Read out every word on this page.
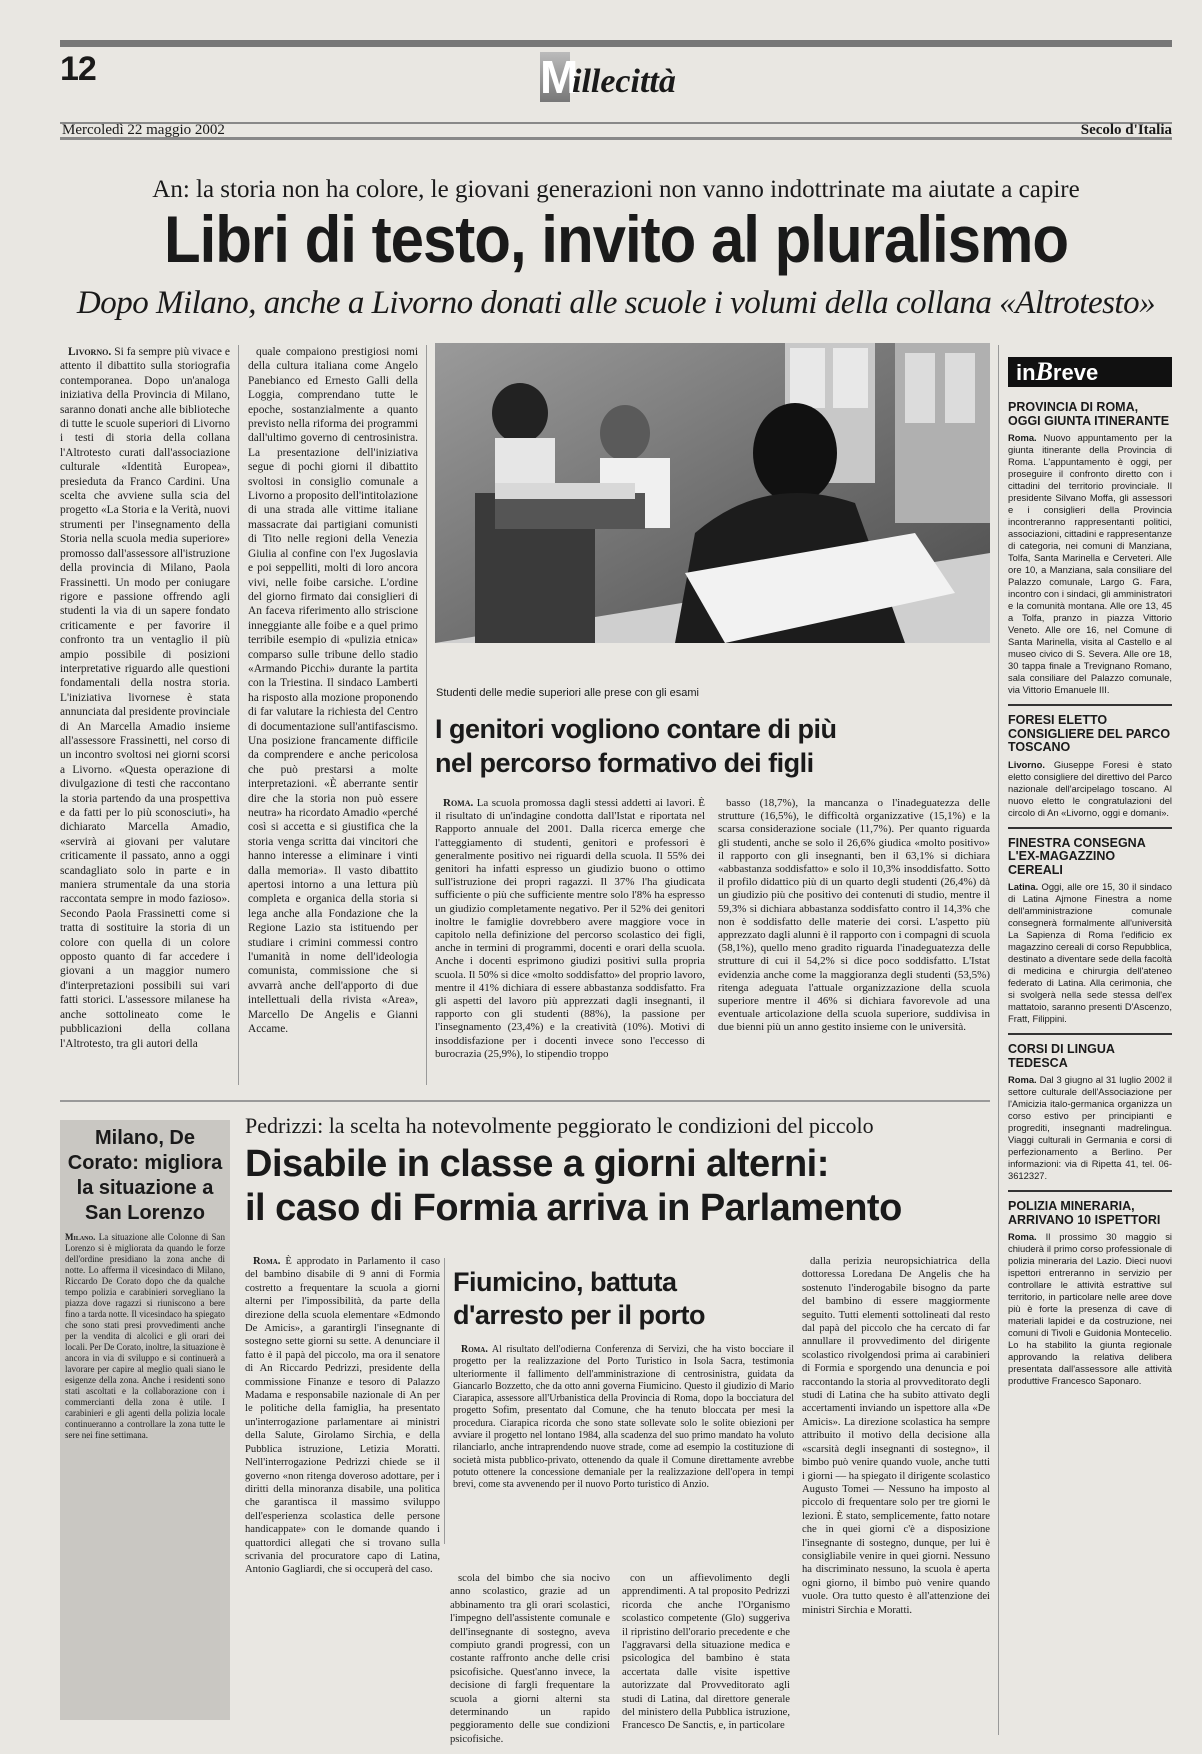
12	M
illecittà
Mercoledì 22 maggio 2002	Secolo d'Italia
An: la storia non ha colore, le giovani generazioni non vanno indottrinate ma aiutate a capire
Libri di testo, invito al pluralismo
Dopo Milano, anche a Livorno donati alle scuole i volumi della collana «Altrotesto»

Livorno. Si fa sempre più vivace e attento il dibattito sulla storiografia contemporanea. Dopo un'analoga iniziativa della Provincia di Milano, saranno donati anche alle biblioteche di tutte le scuole superiori di Livorno i testi di storia della collana l'Altrotesto curati dall'associazione culturale «Identità Europea», presieduta da Franco Cardini. Una scelta che avviene sulla scia del progetto «La Storia e la Verità, nuovi strumenti per l'insegnamento della Storia nella scuola media superiore» promosso dall'assessore all'istruzione della provincia di Milano, Paola Frassinetti. Un modo per coniugare rigore e passione offrendo agli studenti la via di un sapere fondato criticamente e per favorire il confronto tra un ventaglio il più ampio possibile di posizioni interpretative riguardo alle questioni fondamentali della nostra storia. L'iniziativa livornese è stata annunciata dal presidente provinciale di An Marcella Amadio insieme all'assessore Frassinetti, nel corso di un incontro svoltosi nei giorni scorsi a Livorno. «Questa operazione di divulgazione di testi che raccontano la storia partendo da una prospettiva e da fatti per lo più sconosciuti», ha dichiarato Marcella Amadio, «servirà ai giovani per valutare criticamente il passato, anno a oggi scandagliato solo in parte e in maniera strumentale da una storia raccontata sempre in modo fazioso». Secondo Paola Frassinetti come si tratta di sostituire la storia di un colore con quella di un colore opposto quanto di far accedere i giovani a un maggior numero d'interpretazioni possibili sui vari fatti storici. L'assessore milanese ha anche sottolineato come le pubblicazioni della collana l'Altrotesto, tra gli autori della

quale compaiono prestigiosi nomi della cultura italiana come Angelo Panebianco ed Ernesto Galli della Loggia, comprendano tutte le epoche, sostanzialmente a quanto previsto nella riforma dei programmi dall'ultimo governo di centrosinistra. La presentazione dell'iniziativa segue di pochi giorni il dibattito svoltosi in consiglio comunale a Livorno a proposito dell'intitolazione di una strada alle vittime italiane massacrate dai partigiani comunisti di Tito nelle regioni della Venezia Giulia al confine con l'ex Jugoslavia e poi seppelliti, molti di loro ancora vivi, nelle foibe carsiche. L'ordine del giorno firmato dai consiglieri di An faceva riferimento allo striscione inneggiante alle foibe e a quel primo terribile esempio di «pulizia etnica» comparso sulle tribune dello stadio «Armando Picchi» durante la partita con la Triestina. Il sindaco Lamberti ha risposto alla mozione proponendo di far valutare la richiesta del Centro di documentazione sull'antifascismo. Una posizione francamente difficile da comprendere e anche pericolosa che può prestarsi a molte interpretazioni. «È aberrante sentir dire che la storia non può essere neutra» ha ricordato Amadio «perché così si accetta e si giustifica che la storia venga scritta dai vincitori che hanno interesse a eliminare i vinti dalla memoria». Il vasto dibattito apertosi intorno a una lettura più completa e organica della storia si lega anche alla Fondazione che la Regione Lazio sta istituendo per studiare i crimini commessi contro l'umanità in nome dell'ideologia comunista, commissione che si avvarrà anche dell'apporto di due intellettuali della rivista «Area», Marcello De Angelis e Gianni Accame.

Studenti delle medie superiori alle prese con gli esami
I genitori vogliono contare di più
nel percorso formativo dei figli

Roma. La scuola promossa dagli stessi addetti ai lavori. È il risultato di un'indagine condotta dall'Istat e riportata nel Rapporto annuale del 2001. Dalla ricerca emerge che l'atteggiamento di studenti, genitori e professori è generalmente positivo nei riguardi della scuola. Il 55% dei genitori ha infatti espresso un giudizio buono o ottimo sull'istruzione dei propri ragazzi. Il 37% l'ha giudicata sufficiente o più che sufficiente mentre solo l'8% ha espresso un giudizio completamente negativo. Per il 52% dei genitori inoltre le famiglie dovrebbero avere maggiore voce in capitolo nella definizione del percorso scolastico dei figli, anche in termini di programmi, docenti e orari della scuola. Anche i docenti esprimono giudizi positivi sulla propria scuola. Il 50% si dice «molto soddisfatto» del proprio lavoro, mentre il 41% dichiara di essere abbastanza soddisfatto. Fra gli aspetti del lavoro più apprezzati dagli insegnanti, il rapporto con gli studenti (88%), la passione per l'insegnamento (23,4%) e la creatività (10%). Motivi di insoddisfazione per i docenti invece sono l'eccesso di burocrazia (25,9%), lo stipendio troppo

basso (18,7%), la mancanza o l'inadeguatezza delle strutture (16,5%), le difficoltà organizzative (15,1%) e la scarsa considerazione sociale (11,7%). Per quanto riguarda gli studenti, anche se solo il 26,6% giudica «molto positivo» il rapporto con gli insegnanti, ben il 63,1% si dichiara «abbastanza soddisfatto» e solo il 10,3% insoddisfatto. Sotto il profilo didattico più di un quarto degli studenti (26,4%) dà un giudizio più che positivo dei contenuti di studio, mentre il 59,3% si dichiara abbastanza soddisfatto contro il 14,3% che non è soddisfatto delle materie dei corsi. L'aspetto più apprezzato dagli alunni è il rapporto con i compagni di scuola (58,1%), quello meno gradito riguarda l'inadeguatezza delle strutture di cui il 54,2% si dice poco soddisfatto. L'Istat evidenzia anche come la maggioranza degli studenti (53,5%) ritenga adeguata l'attuale organizzazione della scuola superiore mentre il 46% si dichiara favorevole ad una eventuale articolazione della scuola superiore, suddivisa in due bienni più un anno gestito insieme con le università.

inBreve
PROVINCIA DI ROMA, OGGI GIUNTA ITINERANTE
Roma. Nuovo appuntamento per la giunta itinerante della Provincia di Roma. L'appuntamento è oggi, per proseguire il confronto diretto con i cittadini del territorio provinciale. Il presidente Silvano Moffa, gli assessori e i consiglieri della Provincia incontreranno rappresentanti politici, associazioni, cittadini e rappresentanze di categoria, nei comuni di Manziana, Tolfa, Santa Marinella e Cerveteri. Alle ore 10, a Manziana, sala consiliare del Palazzo comunale, Largo G. Fara, incontro con i sindaci, gli amministratori e la comunità montana. Alle ore 13, 45 a Tolfa, pranzo in piazza Vittorio Veneto. Alle ore 16, nel Comune di Santa Marinella, visita al Castello e al museo civico di S. Severa. Alle ore 18, 30 tappa finale a Trevignano Romano, sala consiliare del Palazzo comunale, via Vittorio Emanuele III.
FORESI ELETTO CONSIGLIERE DEL PARCO TOSCANO
Livorno. Giuseppe Foresi è stato eletto consigliere del direttivo del Parco nazionale dell'arcipelago toscano. Al nuovo eletto le congratulazioni del circolo di An «Livorno, oggi e domani».
FINESTRA CONSEGNA L'EX-MAGAZZINO CEREALI
Latina. Oggi, alle ore 15, 30 il sindaco di Latina Ajmone Finestra a nome dell'amministrazione comunale consegnerà formalmente all'università La Sapienza di Roma l'edificio ex magazzino cereali di corso Repubblica, destinato a diventare sede della facoltà di medicina e chirurgia dell'ateneo federato di Latina. Alla cerimonia, che si svolgerà nella sede stessa dell'ex mattatoio, saranno presenti D'Ascenzo, Fratt, Filippini.
CORSI DI LINGUA TEDESCA
Roma. Dal 3 giugno al 31 luglio 2002 il settore culturale dell'Associazione per l'Amicizia italo-germanica organizza un corso estivo per principianti e progrediti, insegnanti madrelingua. Viaggi culturali in Germania e corsi di perfezionamento a Berlino. Per informazioni: via di Ripetta 41, tel. 06-3612327.
POLIZIA MINERARIA, ARRIVANO 10 ISPETTORI
Roma. Il prossimo 30 maggio si chiuderà il primo corso professionale di polizia mineraria del Lazio. Dieci nuovi ispettori entreranno in servizio per controllare le attività estrattive sul territorio, in particolare nelle aree dove più è forte la presenza di cave di materiali lapidei e da costruzione, nei comuni di Tivoli e Guidonia Montecelio. Lo ha stabilito la giunta regionale approvando la relativa delibera presentata dall'assessore alle attività produttive Francesco Saponaro.
Milano, De Corato: migliora la situazione a San Lorenzo
Milano. La situazione alle Colonne di San Lorenzo si è migliorata da quando le forze dell'ordine presidiano la zona anche di notte. Lo afferma il vicesindaco di Milano, Riccardo De Corato dopo che da qualche tempo polizia e carabinieri sorvegliano la piazza dove ragazzi si riuniscono a bere fino a tarda notte. Il vicesindaco ha spiegato che sono stati presi provvedimenti anche per la vendita di alcolici e gli orari dei locali. Per De Corato, inoltre, la situazione è ancora in via di sviluppo e si continuerà a lavorare per capire al meglio quali siano le esigenze della zona. Anche i residenti sono stati ascoltati e la collaborazione con i commercianti della zona è utile. I carabinieri e gli agenti della polizia locale continueranno a controllare la zona tutte le sere nei fine settimana.
Pedrizzi: la scelta ha notevolmente peggiorato le condizioni del piccolo
Disabile in classe a giorni alterni:
il caso di Formia arriva in Parlamento

Roma. È approdato in Parlamento il caso del bambino disabile di 9 anni di Formia costretto a frequentare la scuola a giorni alterni per l'impossibilità, da parte della direzione della scuola elementare «Edmondo De Amicis», a garantirgli l'insegnante di sostegno sette giorni su sette. A denunciare il fatto è il papà del piccolo, ma ora il senatore di An Riccardo Pedrizzi, presidente della commissione Finanze e tesoro di Palazzo Madama e responsabile nazionale di An per le politiche della famiglia, ha presentato un'interrogazione parlamentare ai ministri della Salute, Girolamo Sirchia, e della Pubblica istruzione, Letizia Moratti. Nell'interrogazione Pedrizzi chiede se il governo «non ritenga doveroso adottare, per i diritti della minoranza disabile, una politica che garantisca il massimo sviluppo dell'esperienza scolastica delle persone handicappate» con le domande quando i quattordici allegati che si trovano sulla scrivania del procuratore capo di Latina, Antonio Gagliardi, che si occuperà del caso.

Fiumicino, battuta
d'arresto per il porto

Roma. Al risultato dell'odierna Conferenza di Servizi, che ha visto bocciare il progetto per la realizzazione del Porto Turistico in Isola Sacra, testimonia ulteriormente il fallimento dell'amministrazione di centrosinistra, guidata da Giancarlo Bozzetto, che da otto anni governa Fiumicino. Questo il giudizio di Mario Ciarapica, assessore all'Urbanistica della Provincia di Roma, dopo la bocciatura del progetto Sofim, presentato dal Comune, che ha tenuto bloccata per mesi la procedura. Ciarapica ricorda che sono state sollevate solo le solite obiezioni per avviare il progetto nel lontano 1984, alla scadenza del suo primo mandato ha voluto rilanciarlo, anche intraprendendo nuove strade, come ad esempio la costituzione di società mista pubblico-privato, ottenendo da quale il Comune direttamente avrebbe potuto ottenere la concessione demaniale per la realizzazione dell'opera in tempi brevi, come sta avvenendo per il nuovo Porto turistico di Anzio.

scola del bimbo che sia nocivo anno scolastico, grazie ad un abbinamento tra gli orari scolastici, l'impegno dell'assistente comunale e dell'insegnante di sostegno, aveva compiuto grandi progressi, con un costante raffronto anche delle crisi psicofisiche. Quest'anno invece, la decisione di fargli frequentare la scuola a giorni alterni sta determinando un rapido peggioramento delle sue condizioni psicofisiche.

con un affievolimento degli apprendimenti. A tal proposito Pedrizzi ricorda che anche l'Organismo scolastico competente (Glo) suggeriva il ripristino dell'orario precedente e che l'aggravarsi della situazione medica e psicologica del bambino è stata accertata dalle visite ispettive autorizzate dal Provveditorato agli studi di Latina, dal direttore generale del ministero della Pubblica istruzione, Francesco De Sanctis, e, in particolare

dalla perizia neuropsichiatrica della dottoressa Loredana De Angelis che ha sostenuto l'inderogabile bisogno da parte del bambino di essere maggiormente seguito. Tutti elementi sottolineati dal resto dal papà del piccolo che ha cercato di far annullare il provvedimento del dirigente scolastico rivolgendosi prima ai carabinieri di Formia e sporgendo una denuncia e poi raccontando la storia al provveditorato degli studi di Latina che ha subito attivato degli accertamenti inviando un ispettore alla «De Amicis». La direzione scolastica ha sempre attribuito il motivo della decisione alla «scarsità degli insegnanti di sostegno», il bimbo può venire quando vuole, anche tutti i giorni — ha spiegato il dirigente scolastico Augusto Tomei — Nessuno ha imposto al piccolo di frequentare solo per tre giorni le lezioni. È stato, semplicemente, fatto notare che in quei giorni c'è a disposizione l'insegnante di sostegno, dunque, per lui è consigliabile venire in quei giorni. Nessuno ha discriminato nessuno, la scuola è aperta ogni giorno, il bimbo può venire quando vuole. Ora tutto questo è all'attenzione dei ministri Sirchia e Moratti.
